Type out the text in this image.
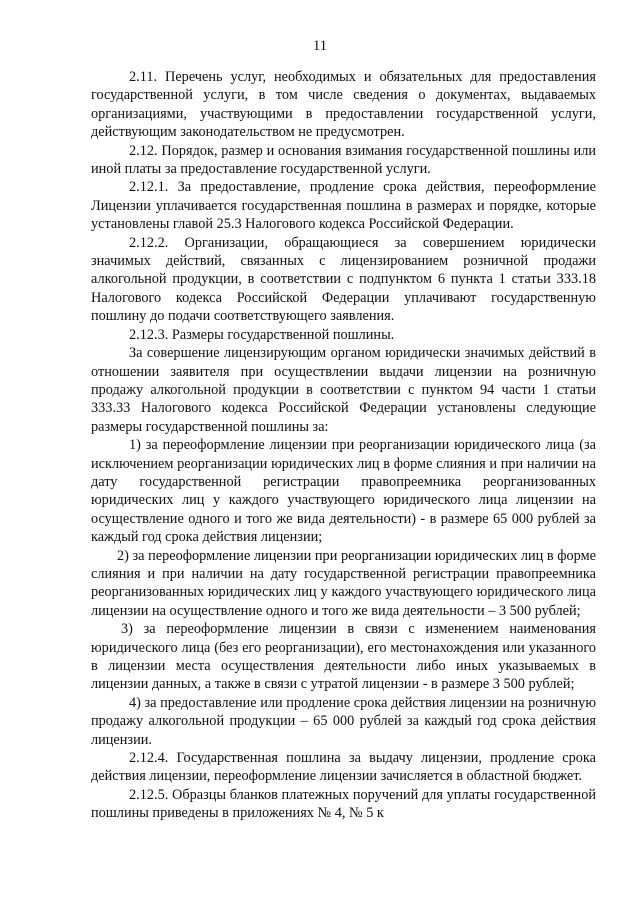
11

2.11. Перечень услуг, необходимых и обязательных для предоставления государственной услуги, в том числе сведения о документах, выдаваемых организациями, участвующими в предоставлении государственной услуги, действующим законодательством не предусмотрен.

2.12. Порядок, размер и основания взимания государственной пошлины или иной платы за предоставление государственной услуги.

2.12.1. За предоставление, продление срока действия, переоформление Лицензии уплачивается государственная пошлина в размерах и порядке, которые установлены главой 25.3 Налогового кодекса Российской Федерации.

2.12.2. Организации, обращающиеся за совершением юридически значимых действий, связанных с лицензированием розничной продажи алкогольной продукции, в соответствии с подпунктом 6 пункта 1 статьи 333.18 Налогового кодекса Российской Федерации уплачивают государственную пошлину до подачи соответствующего заявления.

2.12.3. Размеры государственной пошлины.

За совершение лицензирующим органом юридически значимых действий в отношении заявителя при осуществлении выдачи лицензии на розничную продажу алкогольной продукции в соответствии с пунктом 94 части 1 статьи 333.33 Налогового кодекса Российской Федерации установлены следующие размеры государственной пошлины за:

1) за переоформление лицензии при реорганизации юридического лица (за исключением реорганизации юридических лиц в форме слияния и при наличии на дату государственной регистрации правопреемника реорганизованных юридических лиц у каждого участвующего юридического лица лицензии на осуществление одного и того же вида деятельности) - в размере 65 000 рублей за каждый год срока действия лицензии;

2) за переоформление лицензии при реорганизации юридических лиц в форме слияния и при наличии на дату государственной регистрации правопреемника реорганизованных юридических лиц у каждого участвующего юридического лица лицензии на осуществление одного и того же вида деятельности – 3 500 рублей;

3) за переоформление лицензии в связи с изменением наименования юридического лица (без его реорганизации), его местонахождения или указанного в лицензии места осуществления деятельности либо иных указываемых в лицензии данных, а также в связи с утратой лицензии - в размере 3 500 рублей;

4) за предоставление или продление срока действия лицензии на розничную продажу алкогольной продукции – 65 000 рублей за каждый год срока действия лицензии.

2.12.4. Государственная пошлина за выдачу лицензии, продление срока действия лицензии, переоформление лицензии зачисляется в областной бюджет.

2.12.5. Образцы бланков платежных поручений для уплаты государственной пошлины приведены в приложениях № 4, № 5 к
